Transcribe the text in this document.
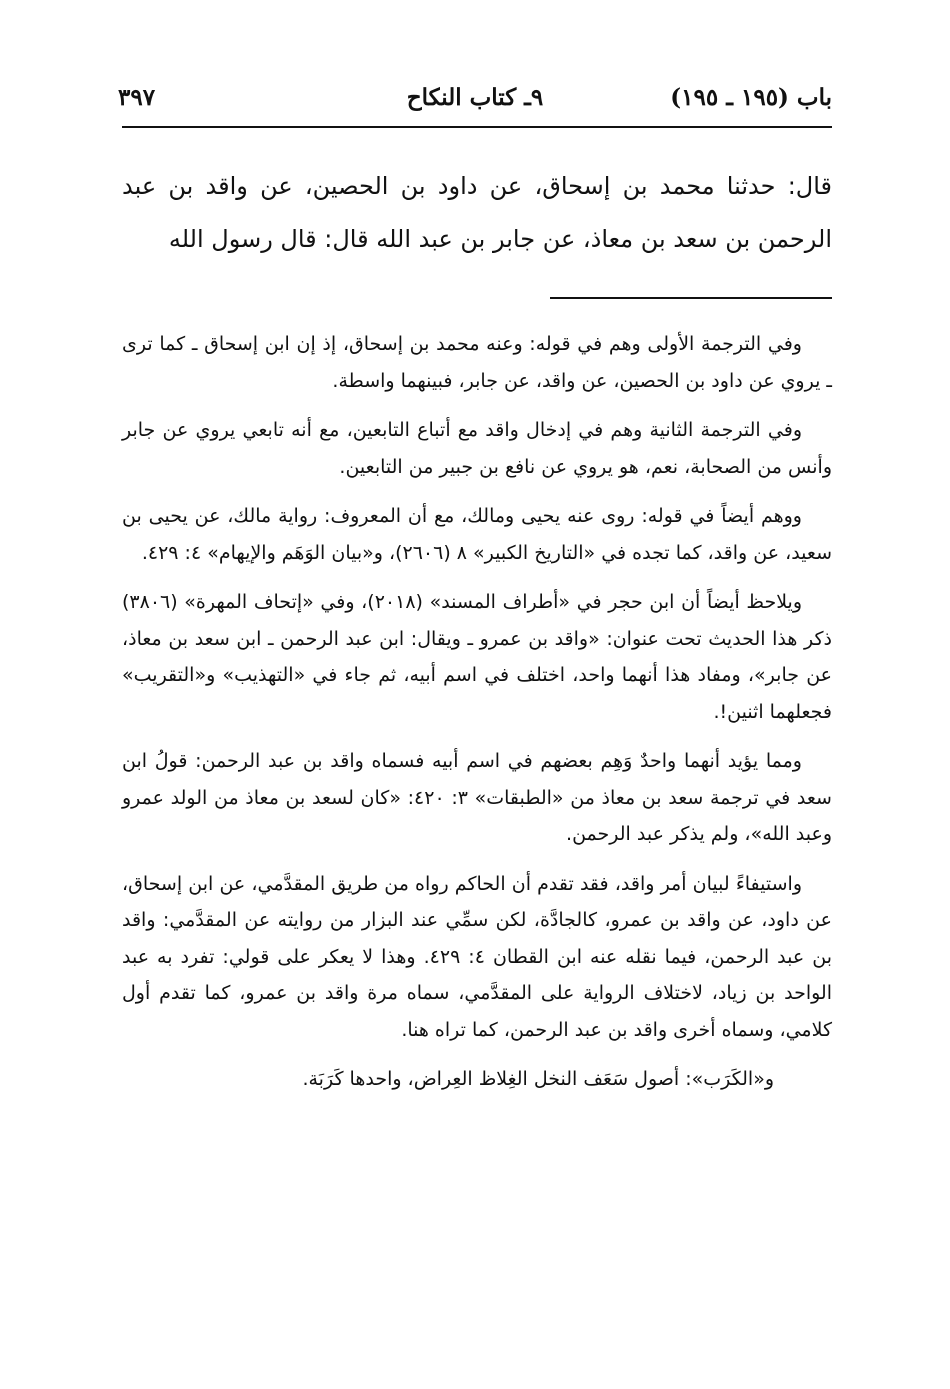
باب (١٩٥ ـ ١٩٥)
٩ـ كتاب النكاح
٣٩٧

قال: حدثنا محمد بن إسحاق، عن داود بن الحصين، عن واقد بن عبد الرحمن بن سعد بن معاذ، عن جابر بن عبد الله قال: قال رسول الله

وفي الترجمة الأولى وهم في قوله: وعنه محمد بن إسحاق، إذ إن ابن إسحاق ـ كما ترى ـ يروي عن داود بن الحصين، عن واقد، عن جابر، فبينهما واسطة.

وفي الترجمة الثانية وهم في إدخال واقد مع أتباع التابعين، مع أنه تابعي يروي عن جابر وأنس من الصحابة، نعم، هو يروي عن نافع بن جبير من التابعين.

ووهم أيضاً في قوله: روى عنه يحيى ومالك، مع أن المعروف: رواية مالك، عن يحيى بن سعيد، عن واقد، كما تجده في «التاريخ الكبير» ٨ (٢٦٠٦)، و«بيان الوَهَم والإيهام» ٤: ٤٢٩.

ويلاحظ أيضاً أن ابن حجر في «أطراف المسند» (٢٠١٨)، وفي «إتحاف المهرة» (٣٨٠٦) ذكر هذا الحديث تحت عنوان: «واقد بن عمرو ـ ويقال: ابن عبد الرحمن ـ ابن سعد بن معاذ، عن جابر»، ومفاد هذا أنهما واحد، اختلف في اسم أبيه، ثم جاء في «التهذيب» و«التقريب» فجعلهما اثنين!.

ومما يؤيد أنهما واحدٌ وَهِم بعضهم في اسم أبيه فسماه واقد بن عبد الرحمن: قولُ ابن سعد في ترجمة سعد بن معاذ من «الطبقات» ٣: ٤٢٠: «كان لسعد بن معاذ من الولد عمرو وعبد الله»، ولم يذكر عبد الرحمن.

واستيفاءً لبيان أمر واقد، فقد تقدم أن الحاكم رواه من طريق المقدَّمي، عن ابن إسحاق، عن داود، عن واقد بن عمرو، كالجادَّة، لكن سمِّي عند البزار من روايته عن المقدَّمي: واقد بن عبد الرحمن، فيما نقله عنه ابن القطان ٤: ٤٢٩. وهذا لا يعكر على قولي: تفرد به عبد الواحد بن زياد، لاختلاف الرواية على المقدَّمي، سماه مرة واقد بن عمرو، كما تقدم أول كلامي، وسماه أخرى واقد بن عبد الرحمن، كما تراه هنا.

و«الكَرَب»: أصول سَعَف النخل الغِلاظ العِراض، واحدها كَرَبَة.
